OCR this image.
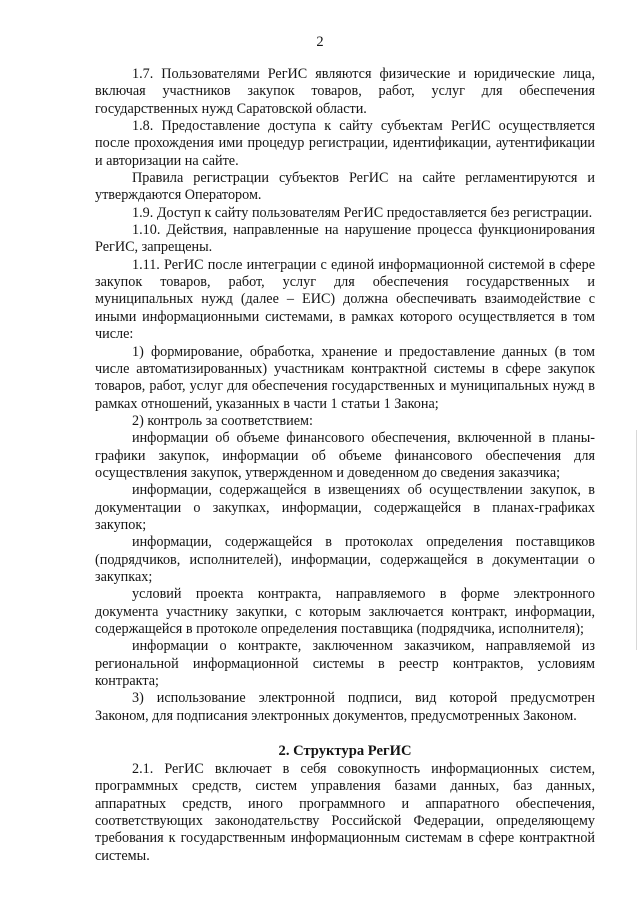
2

1.7. Пользователями РегИС являются физические и юридические лица, включая участников закупок товаров, работ, услуг для обеспечения государственных нужд Саратовской области.

1.8. Предоставление доступа к сайту субъектам РегИС осуществляется после прохождения ими процедур регистрации, идентификации, аутентификации и авторизации на сайте.

Правила регистрации субъектов РегИС на сайте регламентируются и утверждаются Оператором.

1.9. Доступ к сайту пользователям РегИС предоставляется без регистрации.

1.10. Действия, направленные на нарушение процесса функционирования РегИС, запрещены.

1.11. РегИС после интеграции с единой информационной системой в сфере закупок товаров, работ, услуг для обеспечения государственных и муниципальных нужд (далее – ЕИС) должна обеспечивать взаимодействие с иными информационными системами, в рамках которого осуществляется в том числе:

1) формирование, обработка, хранение и предоставление данных (в том числе автоматизированных) участникам контрактной системы в сфере закупок товаров, работ, услуг для обеспечения государственных и муниципальных нужд в рамках отношений, указанных в части 1 статьи 1 Закона;

2) контроль за соответствием:

информации об объеме финансового обеспечения, включенной в планы-графики закупок, информации об объеме финансового обеспечения для осуществления закупок, утвержденном и доведенном до сведения заказчика;

информации, содержащейся в извещениях об осуществлении закупок, в документации о закупках, информации, содержащейся в планах-графиках закупок;

информации, содержащейся в протоколах определения поставщиков (подрядчиков, исполнителей), информации, содержащейся в документации о закупках;

условий проекта контракта, направляемого в форме электронного документа участнику закупки, с которым заключается контракт, информации, содержащейся в протоколе определения поставщика (подрядчика, исполнителя);

информации о контракте, заключенном заказчиком, направляемой из региональной информационной системы в реестр контрактов, условиям контракта;

3) использование электронной подписи, вид которой предусмотрен Законом, для подписания электронных документов, предусмотренных Законом.

2. Структура РегИС

2.1. РегИС включает в себя совокупность информационных систем, программных средств, систем управления базами данных, баз данных, аппаратных средств, иного программного и аппаратного обеспечения, соответствующих законодательству Российской Федерации, определяющему требования к государственным информационным системам в сфере контрактной системы.
